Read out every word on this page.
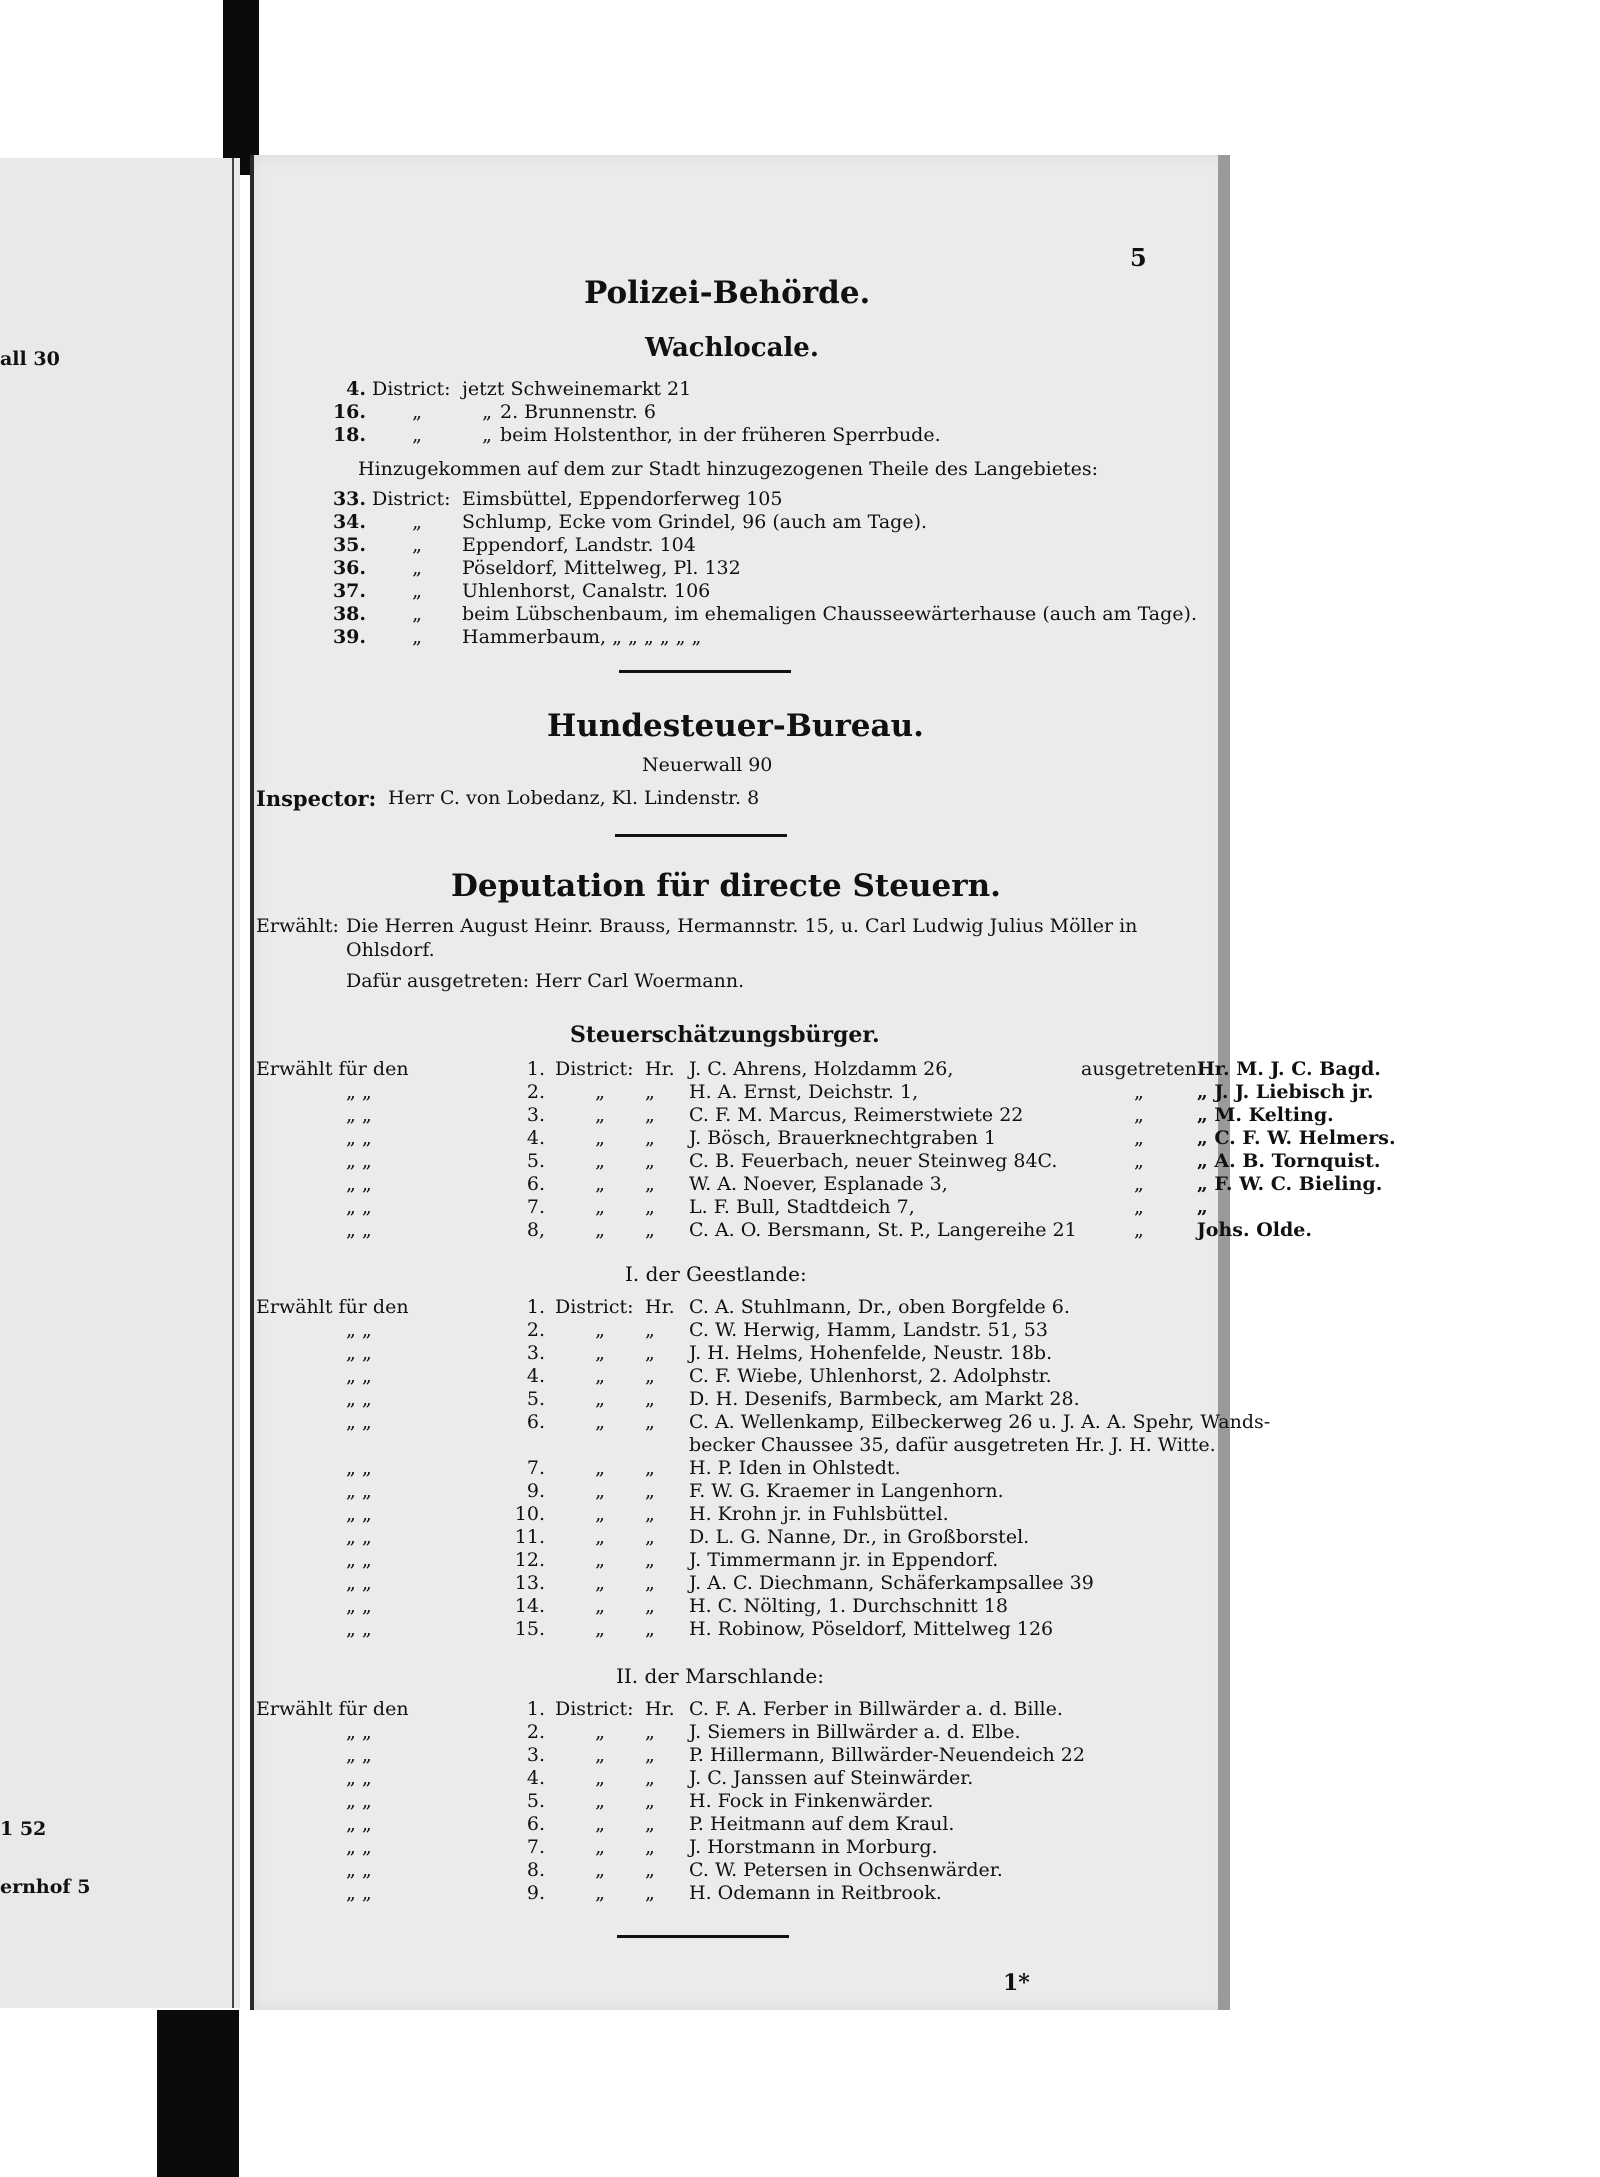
all 30
1 52
ernhof 5
5
Polizei-Behörde.
Wachlocale.
4.	District:	jetzt Schweinemarkt 21	
16.	„	„	2. Brunnenstr. 6
18.	„	„	beim Holstenthor, in der früheren Sperrbude.
Hinzugekommen auf dem zur Stadt hinzugezogenen Theile des Langebietes:
33.	District:	Eimsbüttel, Eppendorferweg 105
34.	„	Schlump, Ecke vom Grindel, 96 (auch am Tage).
35.	„	Eppendorf, Landstr. 104
36.	„	Pöseldorf, Mittelweg, Pl. 132
37.	„	Uhlenhorst, Canalstr. 106
38.	„	beim Lübschenbaum, im ehemaligen Chausseewärterhause (auch am Tage).
39.	„	Hammerbaum, „ „ „ „ „ „
Hundesteuer-Bureau.
Neuerwall 90
Inspector: Herr C. von Lobedanz, Kl. Lindenstr. 8
Deputation für directe Steuern.
Erwählt: Die Herren August Heinr. Brauss, Hermannstr. 15, u. Carl Ludwig Julius Möller in
Ohlsdorf.
Dafür ausgetreten: Herr Carl Woermann.
Steuerschätzungsbürger.
Erwählt für den	1.	District:	Hr.	J. C. Ahrens, Holzdamm 26,	ausgetreten	Hr. M. J. C. Bagd.
„ „	2.	„	„	H. A. Ernst, Deichstr. 1,	„	„ J. J. Liebisch jr.
„ „	3.	„	„	C. F. M. Marcus, Reimerstwiete 22	„	„ M. Kelting.
„ „	4.	„	„	J. Bösch, Brauerknechtgraben 1	„	„ C. F. W. Helmers.
„ „	5.	„	„	C. B. Feuerbach, neuer Steinweg 84C.	„	„ A. B. Tornquist.
„ „	6.	„	„	W. A. Noever, Esplanade 3,	„	„ F. W. C. Bieling.
„ „	7.	„	„	L. F. Bull, Stadtdeich 7,	„	„
„ „	8,	„	„	C. A. O. Bersmann, St. P., Langereihe 21	„	Johs. Olde.
I. der Geestlande:
Erwählt für den	1.	District:	Hr.	C. A. Stuhlmann, Dr., oben Borgfelde 6.
„ „	2.	„	„	C. W. Herwig, Hamm, Landstr. 51, 53
„ „	3.	„	„	J. H. Helms, Hohenfelde, Neustr. 18b.
„ „	4.	„	„	C. F. Wiebe, Uhlenhorst, 2. Adolphstr.
„ „	5.	„	„	D. H. Desenifs, Barmbeck, am Markt 28.
„ „	6.	„	„	C. A. Wellenkamp, Eilbeckerweg 26 u. J. A. A. Spehr, Wands-
				becker Chaussee 35, dafür ausgetreten Hr. J. H. Witte.
„ „	7.	„	„	H. P. Iden in Ohlstedt.
„ „	9.	„	„	F. W. G. Kraemer in Langenhorn.
„ „	10.	„	„	H. Krohn jr. in Fuhlsbüttel.
„ „	11.	„	„	D. L. G. Nanne, Dr., in Großborstel.
„ „	12.	„	„	J. Timmermann jr. in Eppendorf.
„ „	13.	„	„	J. A. C. Diechmann, Schäferkampsallee 39
„ „	14.	„	„	H. C. Nölting, 1. Durchschnitt 18
„ „	15.	„	„	H. Robinow, Pöseldorf, Mittelweg 126
II. der Marschlande:
Erwählt für den	1.	District:	Hr.	C. F. A. Ferber in Billwärder a. d. Bille.
„ „	2.	„	„	J. Siemers in Billwärder a. d. Elbe.
„ „	3.	„	„	P. Hillermann, Billwärder-Neuendeich 22
„ „	4.	„	„	J. C. Janssen auf Steinwärder.
„ „	5.	„	„	H. Fock in Finkenwärder.
„ „	6.	„	„	P. Heitmann auf dem Kraul.
„ „	7.	„	„	J. Horstmann in Morburg.
„ „	8.	„	„	C. W. Petersen in Ochsenwärder.
„ „	9.	„	„	H. Odemann in Reitbrook.
1*
